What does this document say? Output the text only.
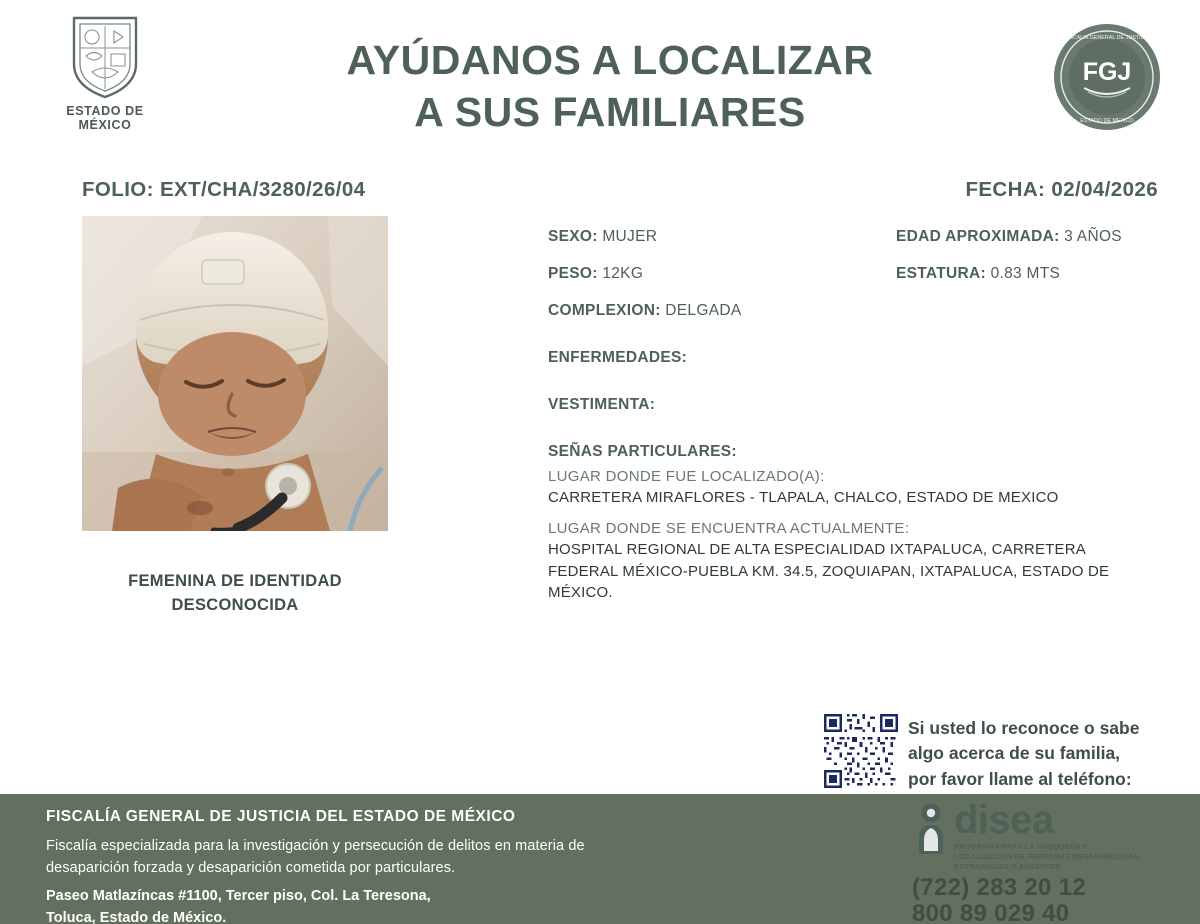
ESTADO DE MÉXICO
AYÚDANOS A LOCALIZAR
A SUS FAMILIARES
FGJ
FISCALIA GENERAL DE JUSTICIA
ESTADO DE MEXICO
FOLIO: EXT/CHA/3280/26/04	FECHA: 02/04/2026
FEMENINA DE IDENTIDAD
DESCONOCIDA
SEXO: MUJER
PESO: 12KG
COMPLEXION: DELGADA
ENFERMEDADES:
VESTIMENTA:
SEÑAS PARTICULARES:
EDAD APROXIMADA: 3 AÑOS
ESTATURA: 0.83 MTS
LUGAR DONDE FUE LOCALIZADO(A):
CARRETERA MIRAFLORES - TLAPALA, CHALCO, ESTADO DE MEXICO
LUGAR DONDE SE ENCUENTRA ACTUALMENTE:
HOSPITAL REGIONAL DE ALTA ESPECIALIDAD IXTAPALUCA, CARRETERA FEDERAL MÉXICO-PUEBLA KM. 34.5, ZOQUIAPAN, IXTAPALUCA, ESTADO DE MÉXICO.
Si usted lo reconoce o sabe
algo acerca de su familia,
por favor llame al teléfono:
FISCALÍA GENERAL DE JUSTICIA DEL ESTADO DE MÉXICO
Fiscalía especializada para la investigación y persecución de delitos en materia de desaparición forzada y desaparición cometida por particulares.
Paseo Matlazíncas #1100, Tercer piso, Col. La Teresona,
Toluca, Estado de México.
disea
PROGRAMA PARA LA BÚSQUEDA Y LOCALIZACIÓN DE PERSONAS DESAPARECIDAS, EXTRAVIADAS O AUSENTES
(722) 283 20 12
800 89 029 40
